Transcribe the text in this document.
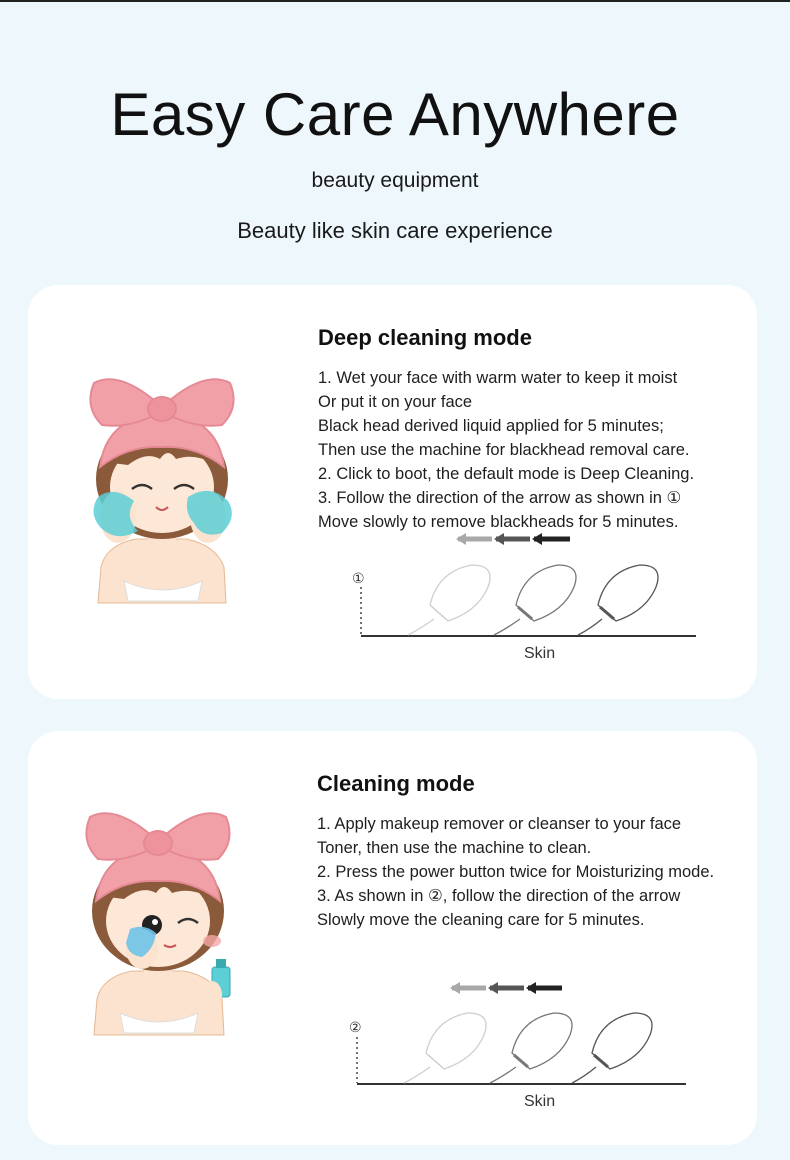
Easy Care Anywhere
beauty equipment
Beauty like skin care experience
Deep cleaning mode
1. Wet your face with warm water to keep it moist
Or put it on your face
Black head derived liquid applied for 5 minutes;
Then use the machine for blackhead removal care.
2. Click to boot, the default mode is Deep Cleaning.
3. Follow the direction of the arrow as shown in ①
Move slowly to remove blackheads for 5 minutes.
①
Skin
Cleaning mode
1. Apply makeup remover or cleanser to your face
Toner, then use the machine to clean.
2. Press the power button twice for Moisturizing mode.
3. As shown in ②, follow the direction of the arrow
Slowly move the cleaning care for 5 minutes.
②
Skin
